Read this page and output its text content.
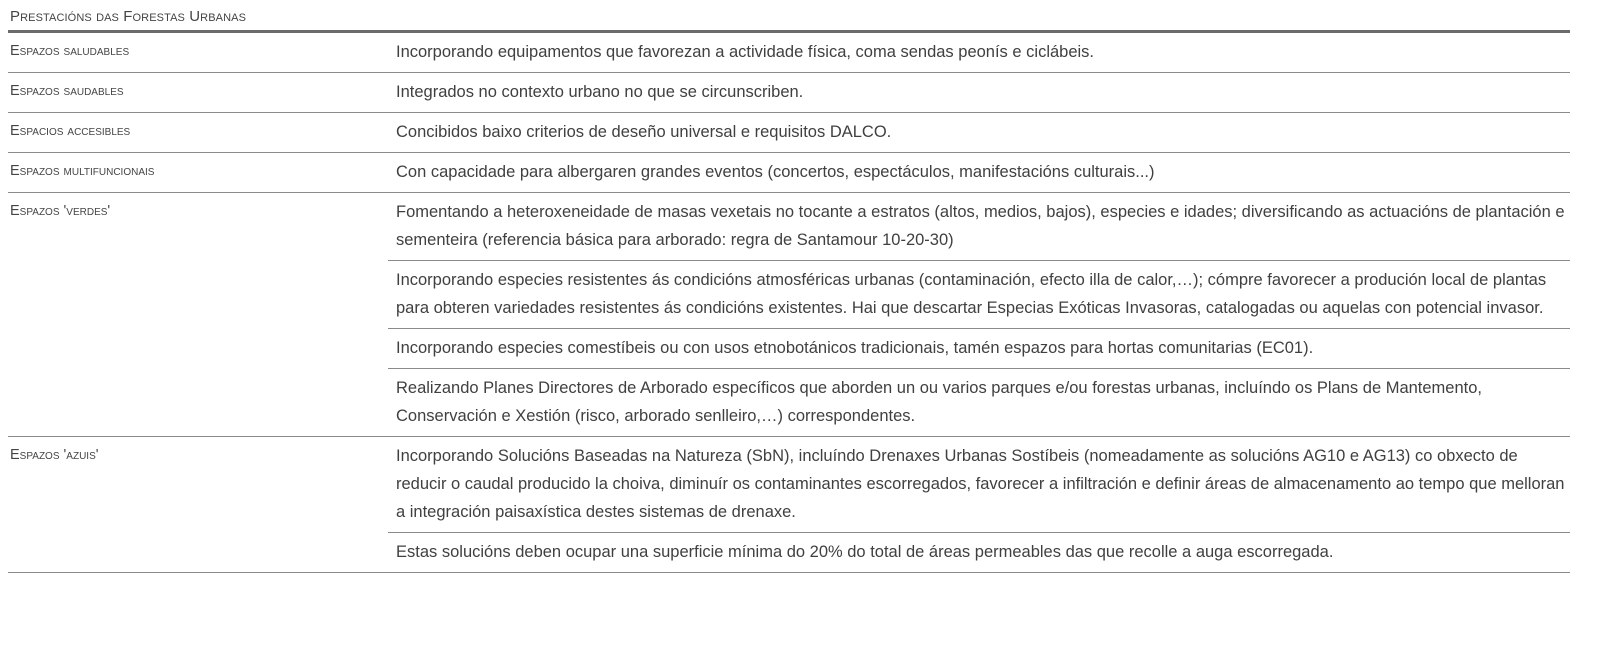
Prestacións das Forestas Urbanas
Espazos saludables	Incorporando equipamentos que favorezan a actividade física, coma sendas peonís e ciclábeis.

Espazos saudables	Integrados no contexto urbano no que se circunscriben.

Espacios accesibles	Concibidos baixo criterios de deseño universal e requisitos DALCO.

Espazos multifuncionais	Con capacidade para albergaren grandes eventos (concertos, espectáculos, manifestacións culturais...)

Espazos 'verdes'	Fomentando a heteroxeneidade de masas vexetais no tocante a estratos (altos, medios, bajos), especies e idades; diversificando as actuacións de plantación e sementeira (referencia básica para arborado: regra de Santamour 10-20-30)
Incorporando especies resistentes ás condicións atmosféricas urbanas (contaminación, efecto illa de calor,…); cómpre favorecer a produción local de plantas para obteren variedades resistentes ás condicións existentes. Hai que descartar Especias Exóticas Invasoras, catalogadas ou aquelas con potencial invasor.
Incorporando especies comestíbeis ou con usos etnobotánicos tradicionais, tamén espazos para hortas comunitarias (EC01).
Realizando Planes Directores de Arborado específicos que aborden un ou varios parques e/ou forestas urbanas, incluíndo os Plans de Mantemento, Conservación e Xestión (risco, arborado senlleiro,…) correspondentes.

Espazos 'azuis'	Incorporando Solucións Baseadas na Natureza (SbN), incluíndo Drenaxes Urbanas Sostíbeis (nomeadamente as solucións AG10 e AG13) co obxecto de reducir o caudal producido la choiva, diminuír os contaminantes escorregados, favorecer a infiltración e definir áreas de almacenamento ao tempo que melloran a integración paisaxística destes sistemas de drenaxe.
Estas solucións deben ocupar una superficie mínima do 20% do total de áreas permeables das que recolle a auga escorregada.
